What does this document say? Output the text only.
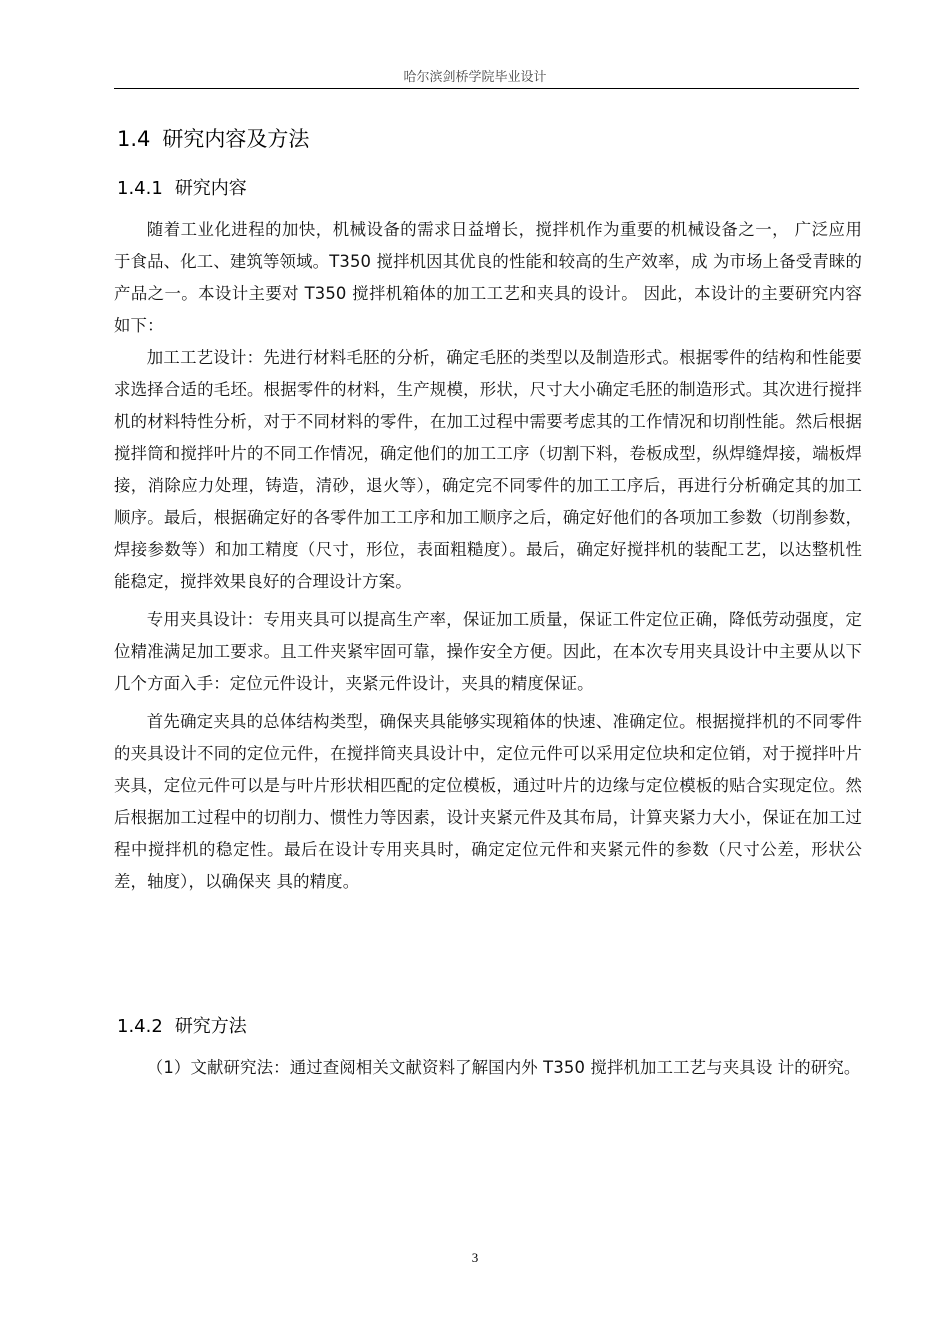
哈尔滨剑桥学院毕业设计
1.4 研究内容及方法
1.4.1 研究内容

随着工业化进程的加快，机械设备的需求日益增长，搅拌机作为重要的机械设备之一， 广泛应用于食品、化工、建筑等领域。T350 搅拌机因其优良的性能和较高的生产效率，成 为市场上备受青睐的产品之一。本设计主要对 T350 搅拌机箱体的加工工艺和夹具的设计。 因此，本设计的主要研究内容如下：

加工工艺设计：先进行材料毛胚的分析，确定毛胚的类型以及制造形式。根据零件的结构和性能要求选择合适的毛坯。根据零件的材料，生产规模，形状，尺寸大小确定毛胚的制造形式。其次进行搅拌机的材料特性分析，对于不同材料的零件，在加工过程中需要考虑其的工作情况和切削性能。然后根据搅拌筒和搅拌叶片的不同工作情况，确定他们的加工工序（切割下料，卷板成型，纵焊缝焊接，端板焊接，消除应力处理，铸造，清砂，退火等），确定完不同零件的加工工序后，再进行分析确定其的加工顺序。最后，根据确定好的各零件加工工序和加工顺序之后，确定好他们的各项加工参数（切削参数，焊接参数等）和加工精度（尺寸，形位，表面粗糙度）。最后，确定好搅拌机的装配工艺，以达整机性能稳定，搅拌效果良好的合理设计方案。

专用夹具设计：专用夹具可以提高生产率，保证加工质量，保证工件定位正确，降低劳动强度，定位精准满足加工要求。且工件夹紧牢固可靠，操作安全方便。因此，在本次专用夹具设计中主要从以下几个方面入手：定位元件设计，夹紧元件设计，夹具的精度保证。

首先确定夹具的总体结构类型，确保夹具能够实现箱体的快速、准确定位。根据搅拌机的不同零件的夹具设计不同的定位元件，在搅拌筒夹具设计中，定位元件可以采用定位块和定位销，对于搅拌叶片夹具，定位元件可以是与叶片形状相匹配的定位模板，通过叶片的边缘与定位模板的贴合实现定位。然后根据加工过程中的切削力、惯性力等因素，设计夹紧元件及其布局，计算夹紧力大小，保证在加工过程中搅拌机的稳定性。最后在设计专用夹具时，确定定位元件和夹紧元件的参数（尺寸公差，形状公差，轴度），以确保夹 具的精度。

1.4.2 研究方法

（1）文献研究法：通过查阅相关文献资料了解国内外 T350 搅拌机加工工艺与夹具设 计的研究。

3
